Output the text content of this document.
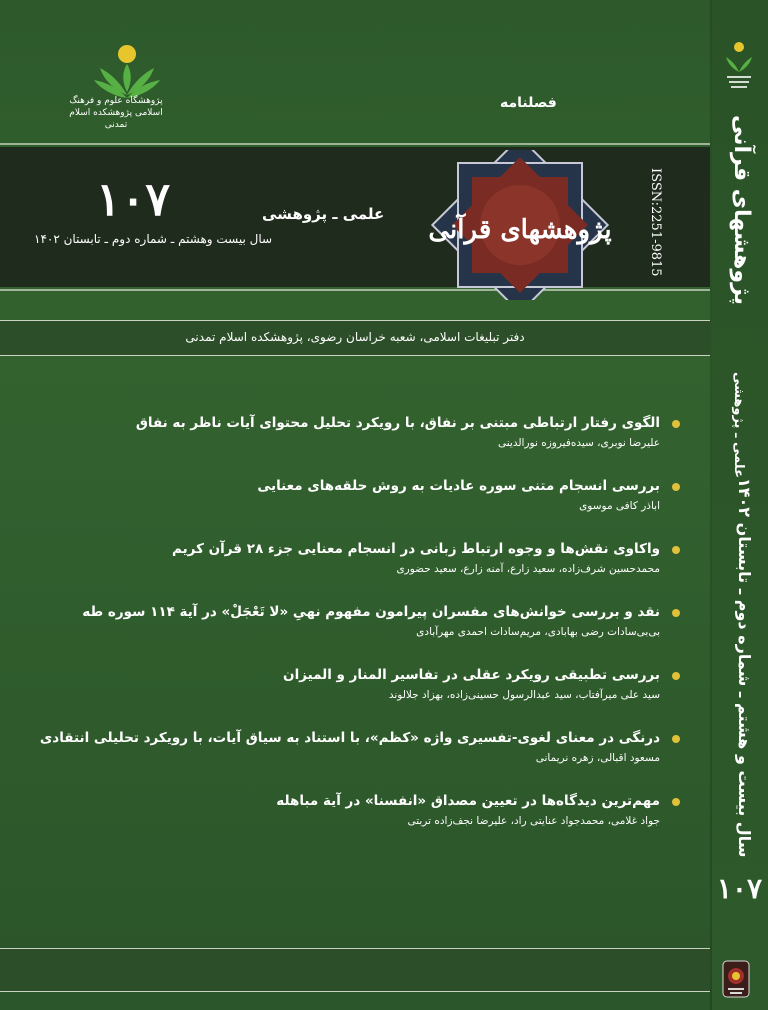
پژوهشگاه علوم و فرهنگ اسلامی پژوهشکده اسلام تمدنی
فصلنامه
۱۰۷
سال بیست وهشتم ـ شماره دوم ـ تابستان ۱۴۰۲
علمی ـ پژوهشی
پژوهشهای قرآنی	ISSN:2251-9815
دفتر تبلیغات اسلامی، شعبه خراسان رضوی، پژوهشکده اسلام تمدنی
الگوی رفتار ارتباطی مبتنی بر نفاق، با رویکرد تحلیل محتوای آیات ناظر به نفاق
علیرضا نوبری، سیده‌فیروزه نورالدینی
بررسی انسجام متنی سوره عادیات به روش حلقه‌های معنایی
اباذر کافی موسوی
واکاوی نقش‌ها و وجوه ارتباط زبانی در انسجام معنایی جزء ۲۸ قرآن کریم
محمدحسین شرف‌زاده، سعید زارع، آمنه زارع، سعید حضوری
نقد و بررسی خوانش‌های مفسران پیرامون مفهوم نهیِ «لا تَعْجَلْ» در آیة ۱۱۴ سوره طه
بی‌بی‌سادات رضی بهابادی، مریم‌سادات احمدی مهرآبادی
بررسی تطبیقی رویکرد عقلی در تفاسیر المنار و المیزان
سید علی میرآفتاب، سید عبدالرسول حسینی‌زاده، بهزاد جلالوند
درنگی در معنای لغوی-تفسیری واژه «کظم»، با استناد به سیاق آیات، با رویکرد تحلیلی انتقادی
مسعود اقبالی، زهره نریمانی
مهم‌ترین دیدگاه‌ها در تعیین مصداق «انفسنا» در آیة مباهله
جواد غلامی، محمدجواد عنایتی راد، علیرضا نجف‌زاده تربتی
پژوهشهای قرآنی
علمی ـ پژوهشی
سال بیست و هشتم ـ شماره دوم ـ تابستان ۱۴۰۲
۱۰۷
